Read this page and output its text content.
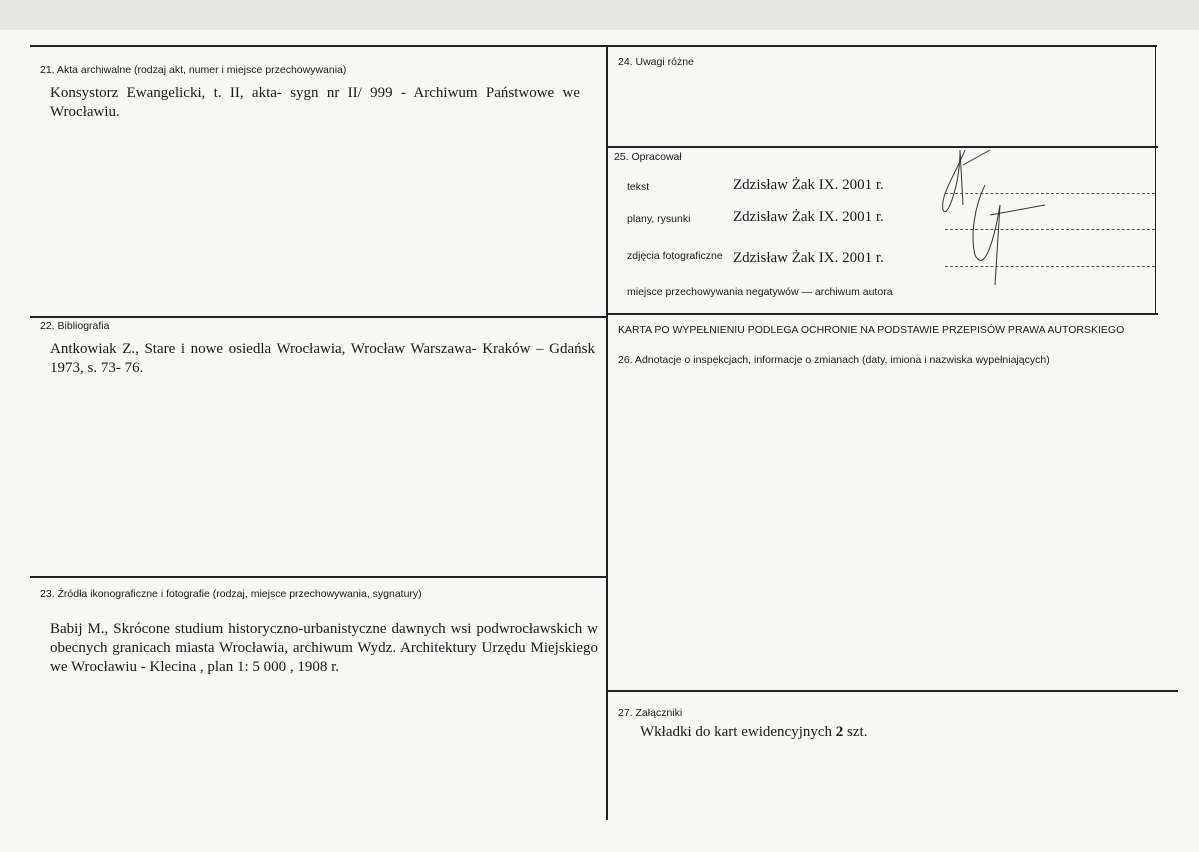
21. Akta archiwalne (rodzaj akt, numer i miejsce przechowywania)
Konsystorz Ewangelicki, t. II, akta- sygn nr II/ 999 - Archiwum Państwowe we Wrocławiu.
22. Bibliografia
Antkowiak Z., Stare i nowe osiedla Wrocławia, Wrocław Warszawa- Kraków – Gdańsk 1973, s. 73- 76.
23. Źródła ikonograficzne i fotografie (rodzaj, miejsce przechowywania, sygnatury)
Babij M., Skrócone studium historyczno-urbanistyczne dawnych wsi podwrocławskich w obecnych granicach miasta Wrocławia, archiwum Wydz. Architektury Urzędu Miejskiego we Wrocławiu - Klecina , plan 1: 5 000 , 1908 r.
24. Uwagi różne
25. Opracował
tekst	Zdzisław Żak IX. 2001 r.
plany, rysunki	Zdzisław Żak IX. 2001 r.
zdjęcia fotograficzne Zdzisław Żak IX. 2001 r.
miejsce przechowywania negatywów — archiwum autora
KARTA PO WYPEŁNIENIU PODLEGA OCHRONIE NA PODSTAWIE PRZEPISÓW PRAWA AUTORSKIEGO
26. Adnotacje o inspekcjach, informacje o zmianach (daty, imiona i nazwiska wypełniających)
27. Załączniki
Wkładki do kart ewidencyjnych 2 szt.
